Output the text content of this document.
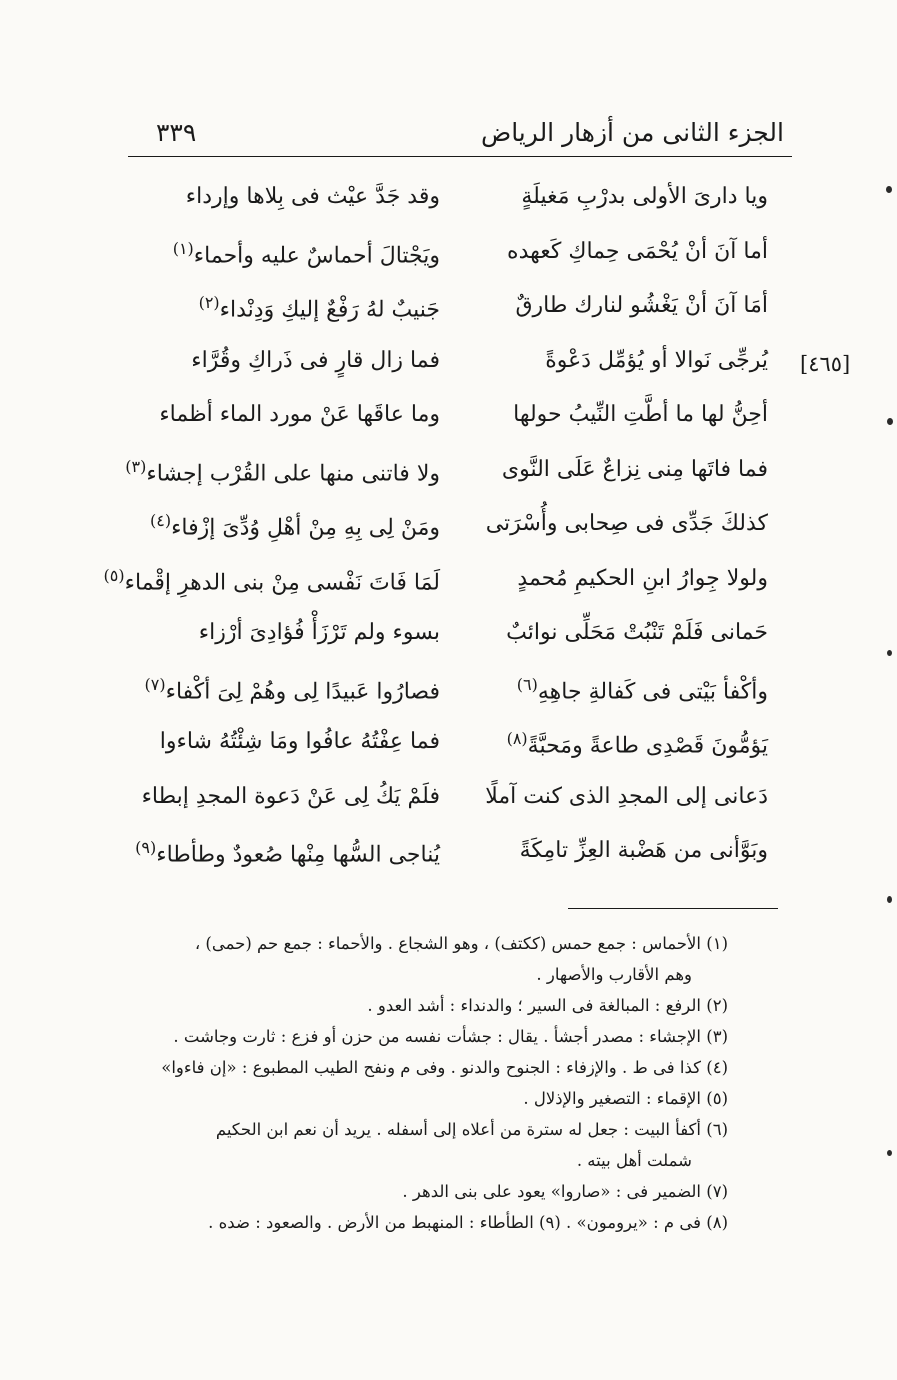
الجزء الثانى من أزهار الرياض
٣٣٩
[٤٦٥]
ويا دارىَ الأولى بدرْبِ مَغيلَةٍ
وقد جَدَّ عيْث فى بِلاها وإرداء
أما آنَ أنْ يُحْمَى حِماكِ كَعهده
ويَجْتالَ أحماسٌ عليه وأحماء$^{(١)}$
أمَا آنَ أنْ يَغْشُو لنارك طارقٌ
جَنيبٌ لهُ رَفْعٌ إليكِ وَدِنْداء$^{(٢)}$
يُرجِّى نَوالا أو يُؤمِّل دَعْوةً
فما زال قارٍ فى ذَراكِ وقُرَّاء
أحِنُّ لها ما أطَّتِ النِّيبُ حولها
وما عاقَها عَنْ مورد الماء أظماء
فما فاتَها مِنى نِزاعٌ عَلَى النَّوى
ولا فاتنى منها على القُرْب إجشاء$^{(٣)}$
كذلكَ جَدِّى فى صِحابى وأُسْرَتى
ومَنْ لِى بِهِ مِنْ أهْلِ وُدِّىَ إزْفاء$^{(٤)}$
ولولا جِوارُ ابنِ الحكيمِ مُحمدٍ
لَمَا فَاتَ نَفْسى مِنْ بنى الدهرِ إقْماء$^{(٥)}$
حَمانى فَلَمْ تَنْبُتْ مَحَلِّى نوائبٌ
بسوء ولم تَرْزَأْ فُؤادِىَ أرْزاء
وأكْفأ بَيْتى فى كَفالةِ جاهِهِ$^{(٦)}$
فصارُوا عَبيدًا لِى وهُمْ لِىَ أكْفاء$^{(٧)}$
يَؤمُّونَ قَصْدِى طاعةً ومَحبَّةً$^{(٨)}$
فما عِفْتُهُ عافُوا ومَا شِئْتُهُ شاءوا
دَعانى إلى المجدِ الذى كنت آملًا
فلَمْ يَكُ لِى عَنْ دَعوة المجدِ إبطاء
وبَوَّأنى من هَضْبة العِزِّ تامِكَةً
يُناجى السُّها مِنْها صُعودٌ وطأطاء$^{(٩)}$
(١) الأحماس : جمع حمس (ككتف) ، وهو الشجاع . والأحماء : جمع حم (حمى) ،
وهم الأقارب والأصهار .
(٢) الرفع : المبالغة فى السير ؛ والدنداء : أشد العدو .
(٣) الإجشاء : مصدر أجشأ . يقال : جشأت نفسه من حزن أو فزع : ثارت وجاشت .
(٤) كذا فى ط . والإزفاء : الجنوح والدنو . وفى م ونفح الطيب المطبوع : «إن فاءوا»
(٥) الإقماء : التصغير والإذلال .
(٦) أكفأ البيت : جعل له سترة من أعلاه إلى أسفله . يريد أن نعم ابن الحكيم
شملت أهل بيته .
(٧) الضمير فى : «صاروا» يعود على بنى الدهر .
(٨) فى م : «يرومون» . (٩) الطأطاء : المنهبط من الأرض . والصعود : ضده .
